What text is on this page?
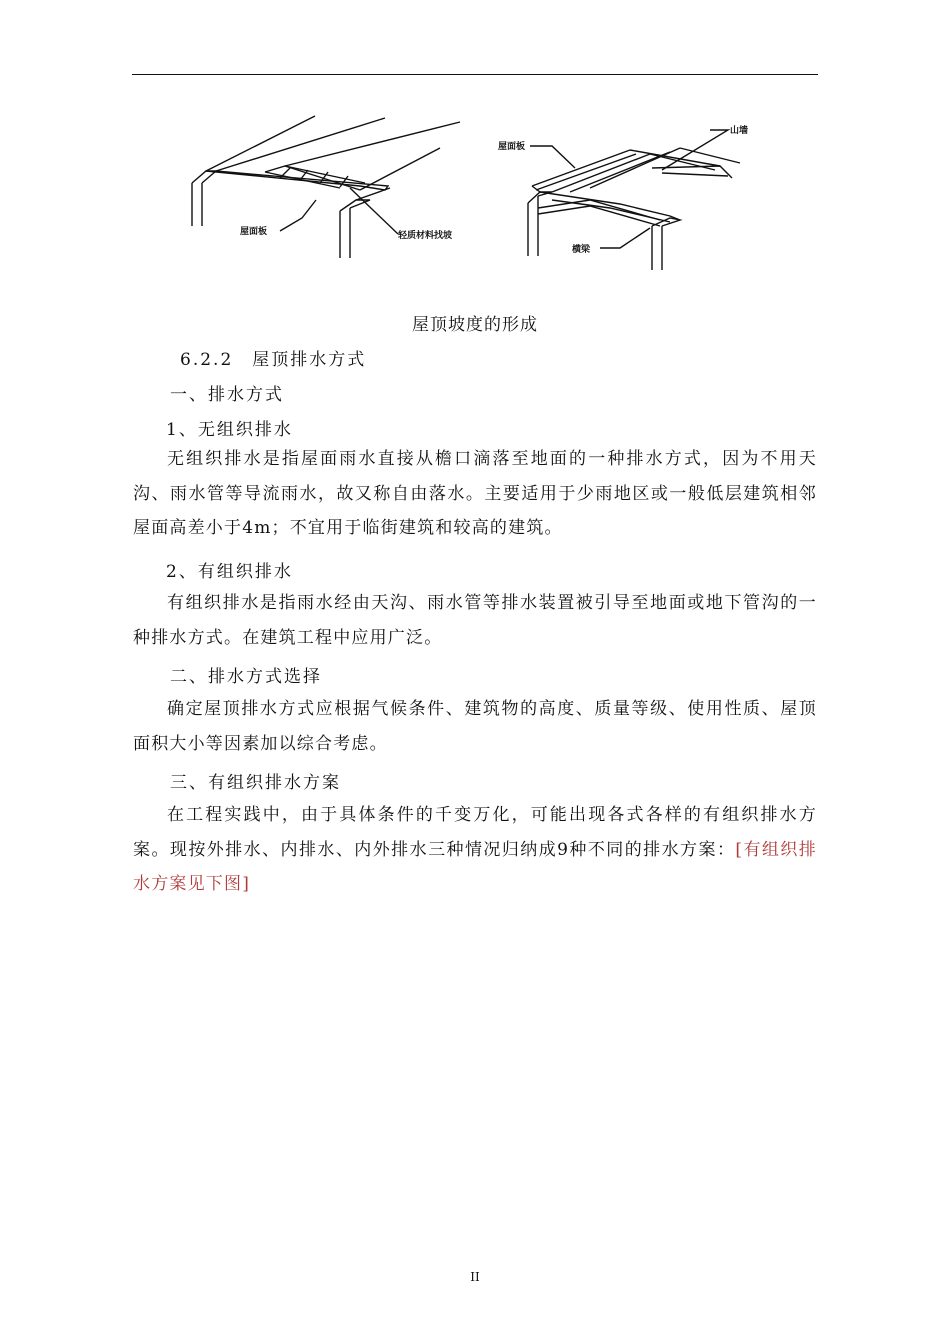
屋面板	轻质材料找坡
屋面板
山墙
横梁
屋顶坡度的形成
6.2.2　屋顶排水方式
一、排水方式
1、无组织排水
无组织排水是指屋面雨水直接从檐口滴落至地面的一种排水方式，因为不用天沟、雨水管等导流雨水，故又称自由落水。主要适用于少雨地区或一般低层建筑相邻屋面高差小于4m；不宜用于临街建筑和较高的建筑。
2、有组织排水
有组织排水是指雨水经由天沟、雨水管等排水装置被引导至地面或地下管沟的一种排水方式。在建筑工程中应用广泛。
二、排水方式选择
确定屋顶排水方式应根据气候条件、建筑物的高度、质量等级、使用性质、屋顶面积大小等因素加以综合考虑。
三、有组织排水方案
在工程实践中，由于具体条件的千变万化，可能出现各式各样的有组织排水方案。现按外排水、内排水、内外排水三种情况归纳成9种不同的排水方案：[有组织排水方案见下图]
II
